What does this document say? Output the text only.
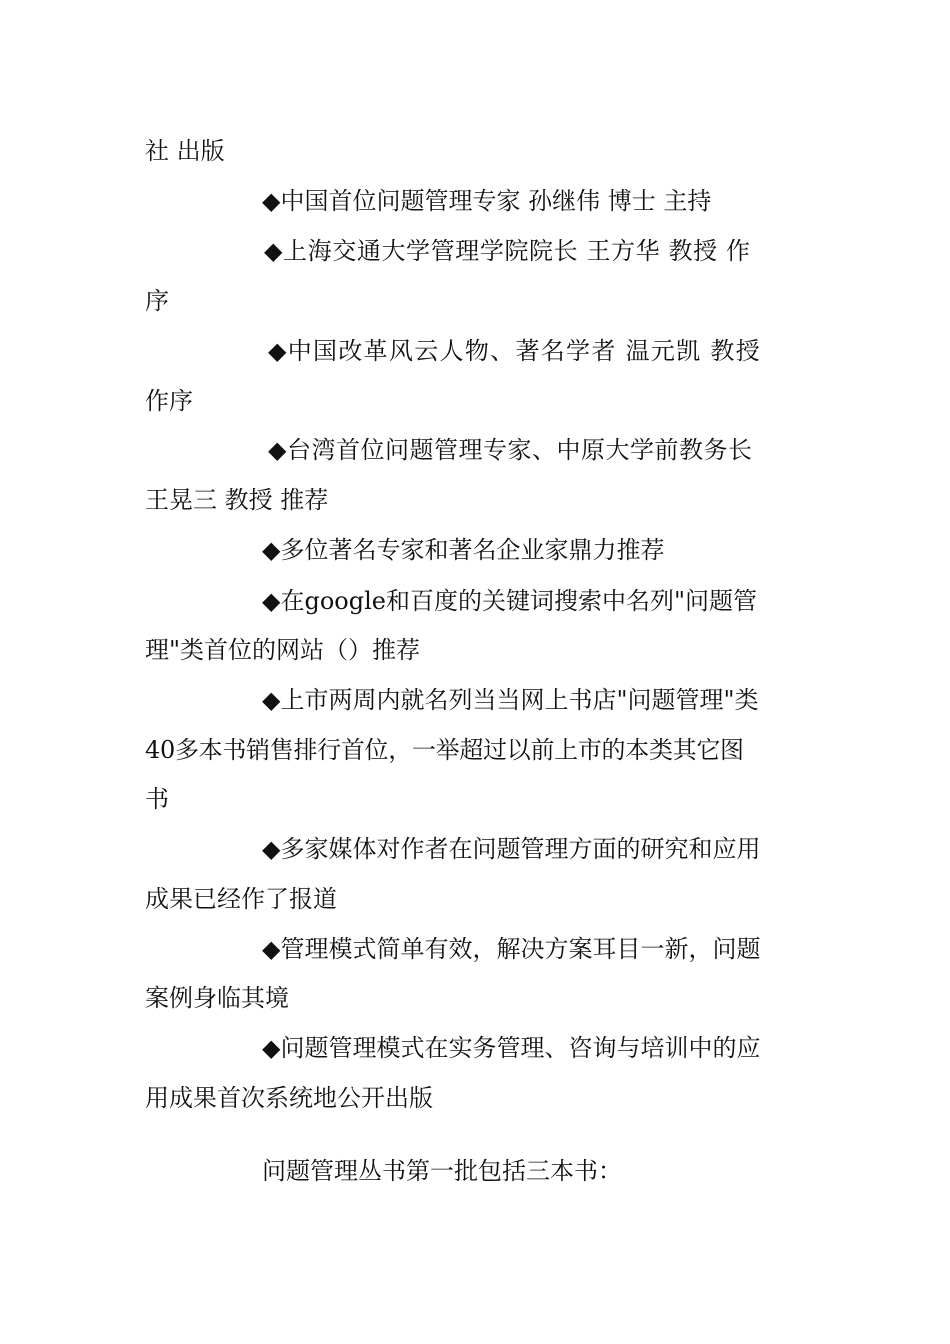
社 出版
◆中国首位问题管理专家 孙继伟 博士 主持
◆上海交通大学管理学院院长 王方华 教授 作
序
◆中国改革风云人物、著名学者 温元凯 教授
作序
◆台湾首位问题管理专家、中原大学前教务长
王晃三 教授 推荐
◆多位著名专家和著名企业家鼎力推荐
◆在google和百度的关键词搜索中名列"问题管
理"类首位的网站（）推荐
◆上市两周内就名列当当网上书店"问题管理"类
40多本书销售排行首位，一举超过以前上市的本类其它图
书
◆多家媒体对作者在问题管理方面的研究和应用
成果已经作了报道
◆管理模式简单有效，解决方案耳目一新，问题
案例身临其境
◆问题管理模式在实务管理、咨询与培训中的应
用成果首次系统地公开出版
问题管理丛书第一批包括三本书：
